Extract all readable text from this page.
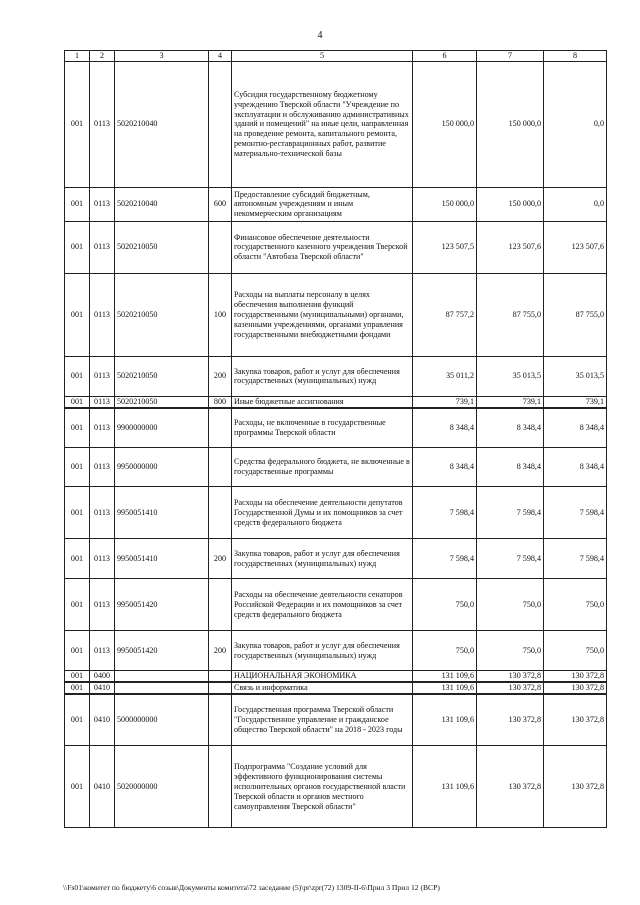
4
1	2	3	4	5	6	7	8
001	0113	5020210040		Субсидия государственному бюджетному учреждению Тверской области "Учреждение по эксплуатации и обслуживанию административных зданий и помещений" на иные цели, направленная на проведение ремонта, капитального ремонта, ремонтно-реставрационных работ, развитие материально-технической базы	150 000,0	150 000,0	0,0
001	0113	5020210040	600	Предоставление субсидий бюджетным, автономным учреждениям и иным некоммерческим организациям	150 000,0	150 000,0	0,0
001	0113	5020210050		Финансовое обеспечение деятельности государственного казенного учреждения Тверской области "Автобаза Тверской области"	123 507,5	123 507,6	123 507,6
001	0113	5020210050	100	Расходы на выплаты персоналу в целях обеспечения выполнения функций государственными (муниципальными) органами, казенными учреждениями, органами управления государственными внебюджетными фондами	87 757,2	87 755,0	87 755,0
001	0113	5020210050	200	Закупка товаров, работ и услуг для обеспечения государственных (муниципальных) нужд	35 011,2	35 013,5	35 013,5
001	0113	5020210050	800	Иные бюджетные ассигнования	739,1	739,1	739,1
001	0113	9900000000		Расходы, не включенные в государственные программы Тверской области	8 348,4	8 348,4	8 348,4
001	0113	9950000000		Средства федерального бюджета, не включенные в государственные программы	8 348,4	8 348,4	8 348,4
001	0113	9950051410		Расходы на обеспечение деятельности депутатов Государственной Думы и их помощников за счет средств федерального бюджета	7 598,4	7 598,4	7 598,4
001	0113	9950051410	200	Закупка товаров, работ и услуг для обеспечения государственных (муниципальных) нужд	7 598,4	7 598,4	7 598,4
001	0113	9950051420		Расходы на обеспечение деятельности сенаторов Российской Федерации и их помощников за счет средств федерального бюджета	750,0	750,0	750,0
001	0113	9950051420	200	Закупка товаров, работ и услуг для обеспечения государственных (муниципальных) нужд	750,0	750,0	750,0
001	0400			НАЦИОНАЛЬНАЯ ЭКОНОМИКА	131 109,6	130 372,8	130 372,8
001	0410			Связь и информатика	131 109,6	130 372,8	130 372,8
001	0410	5000000000		Государственная программа Тверской области "Государственное управление и гражданское общество Тверской области" на 2018 - 2023 годы	131 109,6	130 372,8	130 372,8
001	0410	5020000000		Подпрограмма "Создание условий для эффективного функционирования системы исполнительных органов государственной власти Тверской области и органов местного самоуправления Тверской области"	131 109,6	130 372,8	130 372,8
\\Fs01\комитет по бюджету\6 созыв\Документы комитета\72 заседание (5)\pr\zpr(72) 1309-II-6\Прил 3 Прил 12 (ВСР)
